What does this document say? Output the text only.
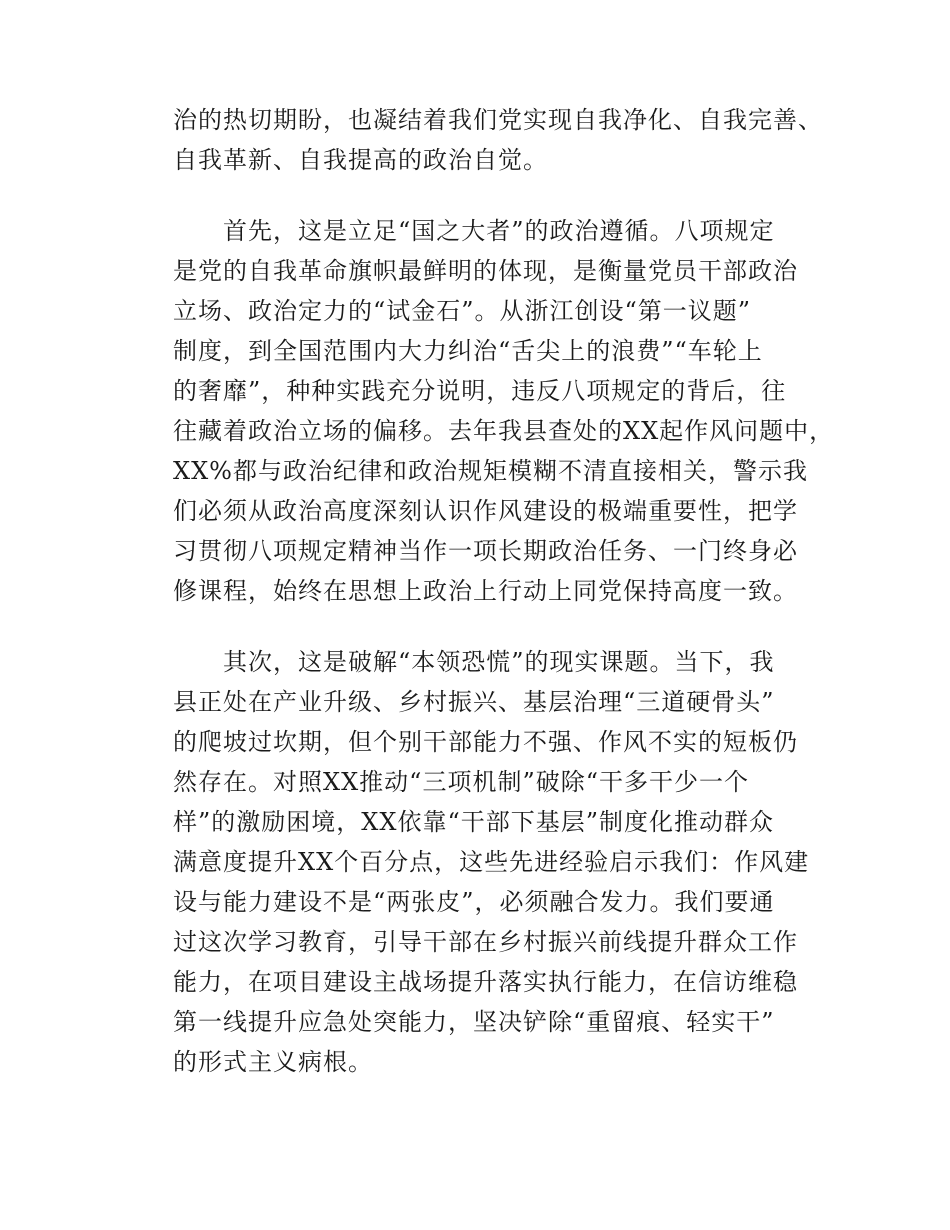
治的热切期盼，也凝结着我们党实现自我净化、自我完善、
自我革新、自我提高的政治自觉。
首先，这是立足“国之大者”的政治遵循。八项规定
是党的自我革命旗帜最鲜明的体现，是衡量党员干部政治
立场、政治定力的“试金石”。从浙江创设“第一议题”
制度，到全国范围内大力纠治“舌尖上的浪费”“车轮上
的奢靡”，种种实践充分说明，违反八项规定的背后，往
往藏着政治立场的偏移。去年我县查处的XX起作风问题中，
XX%都与政治纪律和政治规矩模糊不清直接相关，警示我
们必须从政治高度深刻认识作风建设的极端重要性，把学
习贯彻八项规定精神当作一项长期政治任务、一门终身必
修课程，始终在思想上政治上行动上同党保持高度一致。
其次，这是破解“本领恐慌”的现实课题。当下，我
县正处在产业升级、乡村振兴、基层治理“三道硬骨头”
的爬坡过坎期，但个别干部能力不强、作风不实的短板仍
然存在。对照XX推动“三项机制”破除“干多干少一个
样”的激励困境，XX依靠“干部下基层”制度化推动群众
满意度提升XX个百分点，这些先进经验启示我们：作风建
设与能力建设不是“两张皮”，必须融合发力。我们要通
过这次学习教育，引导干部在乡村振兴前线提升群众工作
能力，在项目建设主战场提升落实执行能力，在信访维稳
第一线提升应急处突能力，坚决铲除“重留痕、轻实干”
的形式主义病根。
